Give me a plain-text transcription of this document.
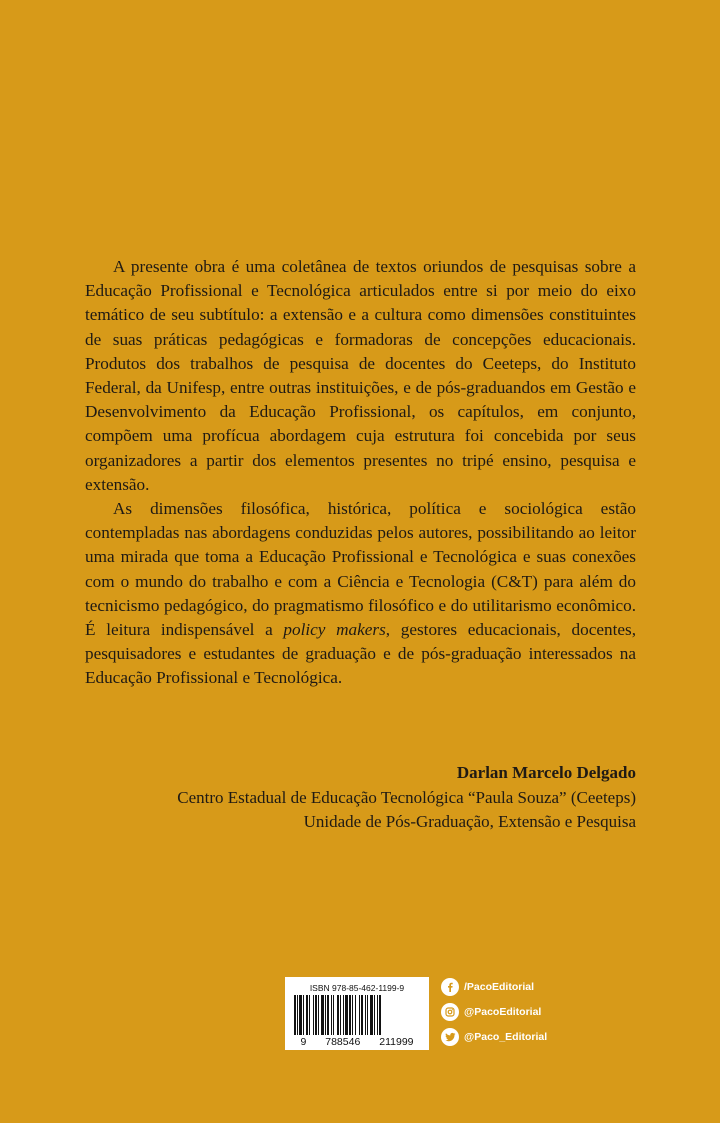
A presente obra é uma coletânea de textos oriundos de pesquisas sobre a Educação Profissional e Tecnológica articulados entre si por meio do eixo temático de seu subtítulo: a extensão e a cultura como dimensões constituintes de suas práticas pedagógicas e formadoras de concepções educacionais. Produtos dos trabalhos de pesquisa de docentes do Ceeteps, do Instituto Federal, da Unifesp, entre outras instituições, e de pós-graduandos em Gestão e Desenvolvimento da Educação Profissional, os capítulos, em conjunto, compõem uma profícua abordagem cuja estrutura foi concebida por seus organizadores a partir dos elementos presentes no tripé ensino, pesquisa e extensão.

As dimensões filosófica, histórica, política e sociológica estão contempladas nas abordagens conduzidas pelos autores, possibilitando ao leitor uma mirada que toma a Educação Profissional e Tecnológica e suas conexões com o mundo do trabalho e com a Ciência e Tecnologia (C&T) para além do tecnicismo pedagógico, do pragmatismo filosófico e do utilitarismo econômico. É leitura indispensável a policy makers, gestores educacionais, docentes, pesquisadores e estudantes de graduação e de pós-graduação interessados na Educação Profissional e Tecnológica.

Darlan Marcelo Delgado
Centro Estadual de Educação Tecnológica “Paula Souza” (Ceeteps)
Unidade de Pós-Graduação, Extensão e Pesquisa
ISBN 978-85-462-1199-9
9 788546 211999
/PacoEditorial
@PacoEditorial
@Paco_Editorial
